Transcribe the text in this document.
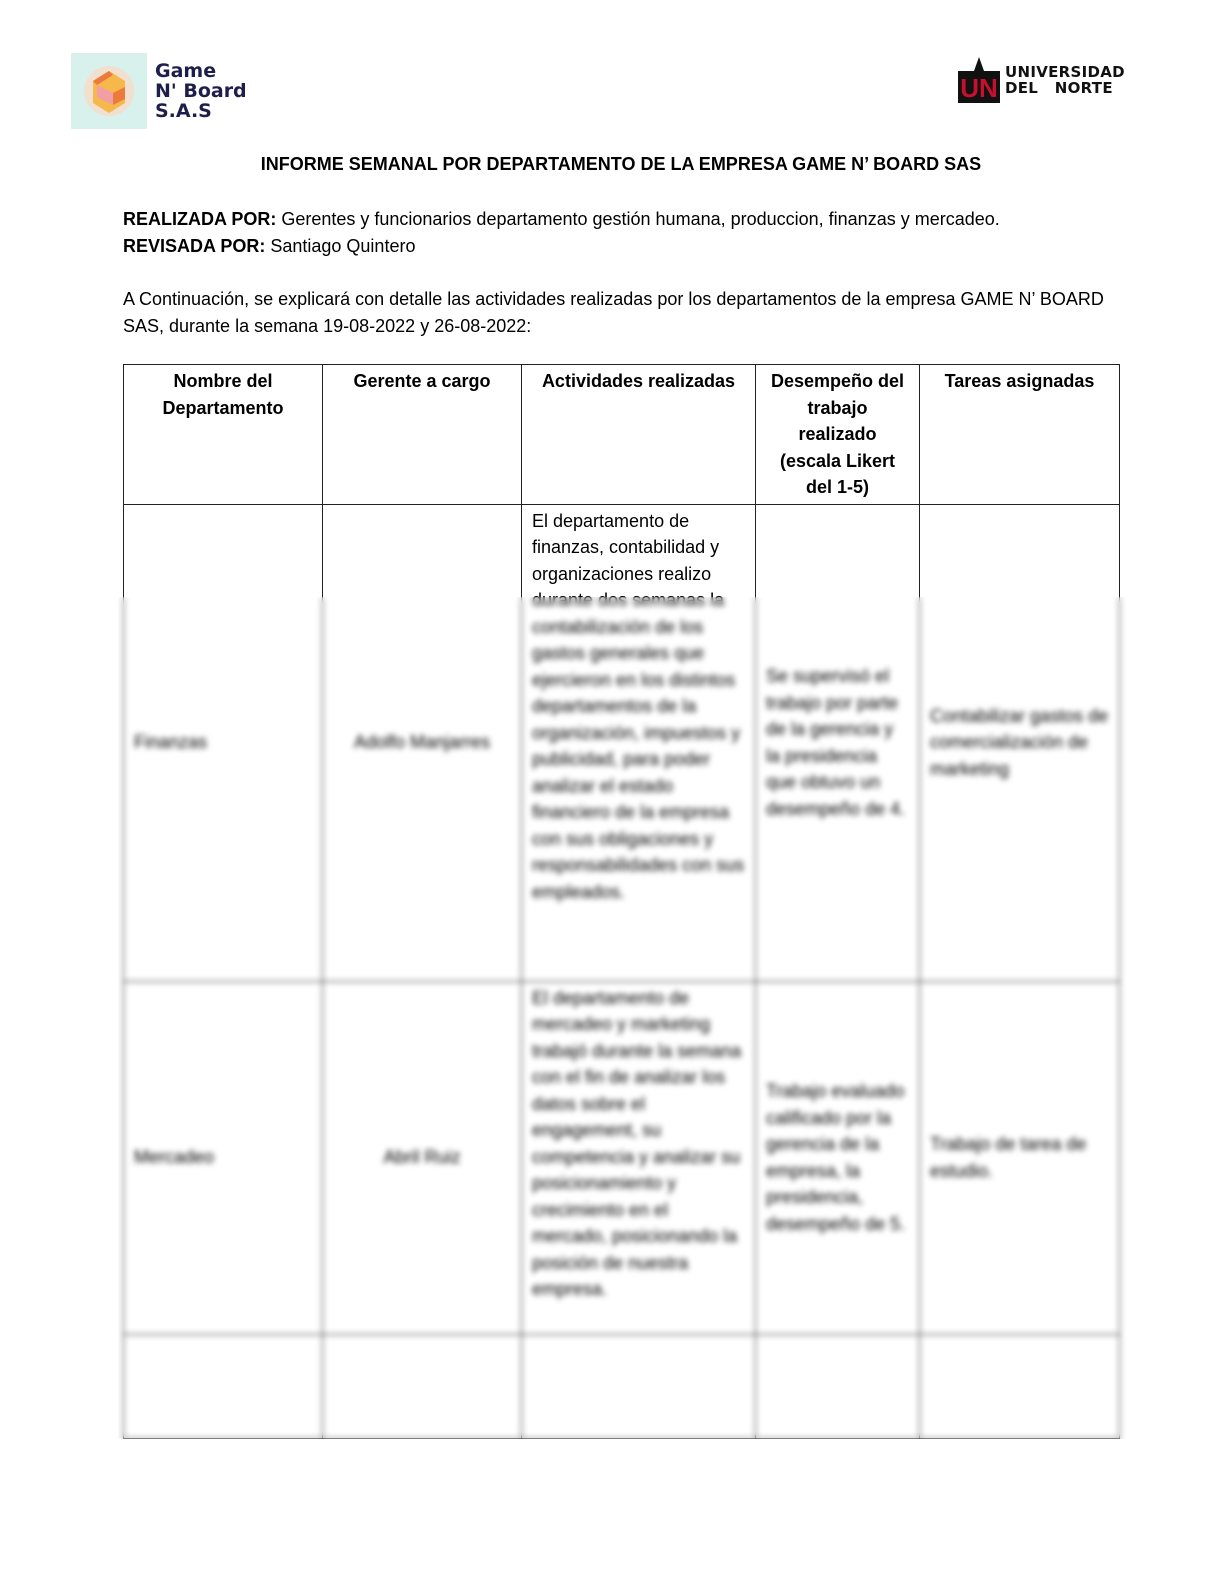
Game
N' Board
S.A.S
UN
UNIVERSIDAD
DEL   NORTE
INFORME SEMANAL POR DEPARTAMENTO DE LA EMPRESA GAME N’ BOARD SAS
REALIZADA POR: Gerentes y funcionarios departamento gestión humana, produccion, finanzas y mercadeo.
REVISADA POR: Santiago Quintero
A Continuación, se explicará con detalle las actividades realizadas por los departamentos de la empresa GAME N’ BOARD SAS, durante la semana 19-08-2022 y 26-08-2022:
Nombre del Departamento	Gerente a cargo	Actividades realizadas	Desempeño del trabajo realizado (escala Likert del 1-5)	Tareas asignadas
Finanzas	Adolfo Manjarres	El departamento de finanzas, contabilidad y organizaciones realizo durante dos semanas la contabilización de los gastos generales que ejercieron en los distintos departamentos de la organización, impuestos y publicidad, para poder analizar el estado financiero de la empresa con sus obligaciones y responsabilidades con sus empleados.	Se supervisó el trabajo por parte de la gerencia y la presidencia que obtuvo un desempeño de 4.	Contabilizar gastos de comercialización de marketing
Mercadeo	Abril Ruiz	El departamento de mercadeo y marketing trabajó durante la semana con el fin de analizar los datos sobre el engagement, su competencia y analizar su posicionamiento y crecimiento en el mercado, posicionando la posición de nuestra empresa.	Trabajo evaluado calificado por la gerencia de la empresa, la presidencia, desempeño de 5.	Trabajo de tarea de estudio.
